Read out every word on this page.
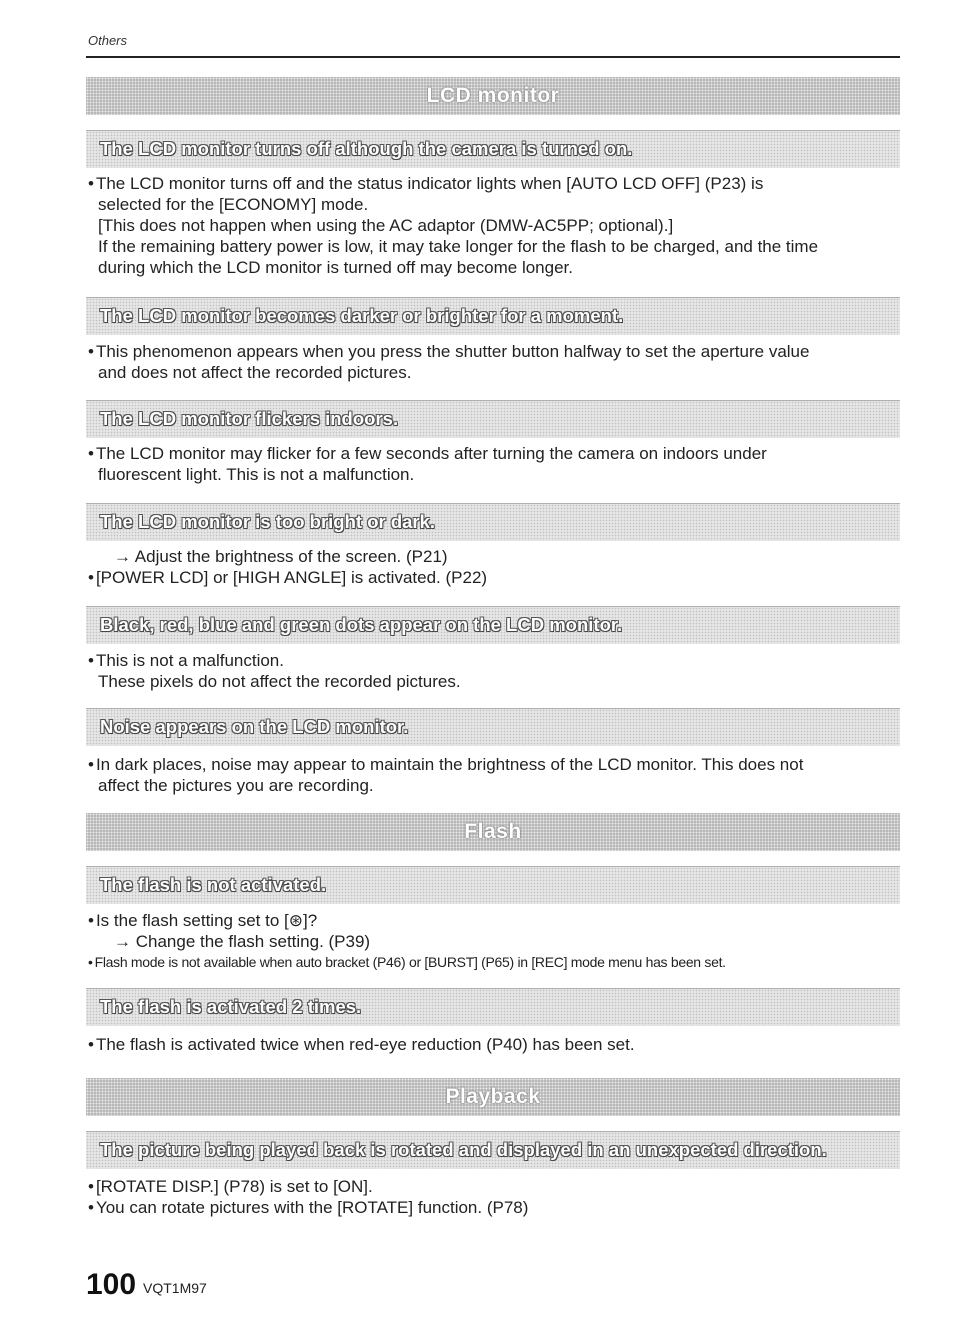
Others
LCD monitor
The LCD monitor turns off although the camera is turned on.
• The LCD monitor turns off and the status indicator lights when [AUTO LCD OFF] (P23) is
selected for the [ECONOMY] mode.
[This does not happen when using the AC adaptor (DMW-AC5PP; optional).]
If the remaining battery power is low, it may take longer for the flash to be charged, and the time
during which the LCD monitor is turned off may become longer.
The LCD monitor becomes darker or brighter for a moment.
• This phenomenon appears when you press the shutter button halfway to set the aperture value
and does not affect the recorded pictures.
The LCD monitor flickers indoors.
• The LCD monitor may flicker for a few seconds after turning the camera on indoors under
fluorescent light. This is not a malfunction.
The LCD monitor is too bright or dark.
→ Adjust the brightness of the screen. (P21)
• [POWER LCD] or [HIGH ANGLE] is activated. (P22)
Black, red, blue and green dots appear on the LCD monitor.
• This is not a malfunction.
These pixels do not affect the recorded pictures.
Noise appears on the LCD monitor.
• In dark places, noise may appear to maintain the brightness of the LCD monitor. This does not
affect the pictures you are recording.
Flash
The flash is not activated.
• Is the flash setting set to [⊛]?
→ Change the flash setting. (P39)
• Flash mode is not available when auto bracket (P46) or [BURST] (P65) in [REC] mode menu has been set.
The flash is activated 2 times.
• The flash is activated twice when red-eye reduction (P40) has been set.
Playback
The picture being played back is rotated and displayed in an unexpected direction.
• [ROTATE DISP.] (P78) is set to [ON].
• You can rotate pictures with the [ROTATE] function. (P78)
100 VQT1M97
